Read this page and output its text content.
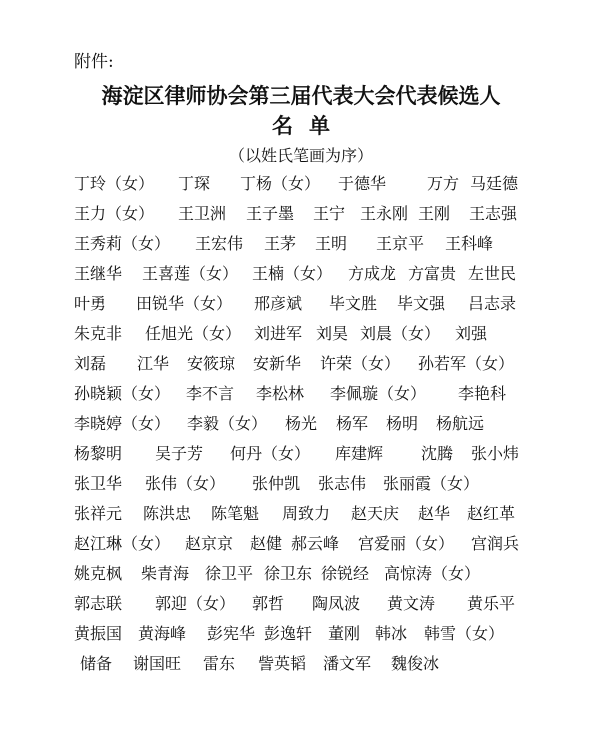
附件:
海淀区律师协会第三届代表大会代表候选人
名单
（以姓氏笔画为序）
丁玲（女） 丁琛 丁杨（女） 于德华	万方 马廷德
王力（女） 王卫洲 王子墨 王宁 王永刚 王刚 王志强
王秀莉（女） 王宏伟 王茅 王明 王京平 王科峰
王继华 王喜莲（女） 王楠（女） 方成龙 方富贵 左世民
叶勇 田锐华（女） 邢彦斌 毕文胜 毕文强 吕志录
朱克非 任旭光（女） 刘进军 刘昊 刘晨（女） 刘强
刘磊 江华 安筱琼 安新华 许荣（女） 孙若军（女）
孙晓颖（女） 李不言 李松林 李佩璇（女） 李艳科
李晓婷（女） 李毅（女） 杨光 杨军 杨明 杨航远
杨黎明 吴子芳 何丹（女） 库建辉 沈腾 张小炜
张卫华 张伟（女） 张仲凯 张志伟 张丽霞（女）
张祥元 陈洪忠 陈笔魁 周致力 赵天庆 赵华 赵红革
赵江琳（女） 赵京京 赵健 郝云峰 宫爱丽（女） 宫润兵
姚克枫 柴青海 徐卫平 徐卫东 徐锐经 高惊涛（女）
郭志联 郭迎（女） 郭哲 陶凤波 黄文涛 黄乐平
黄振国 黄海峰 彭宪华 彭逸轩 董刚 韩冰 韩雪（女）
储备 谢国旺 雷东 訾英韬 潘文军 魏俊冰
